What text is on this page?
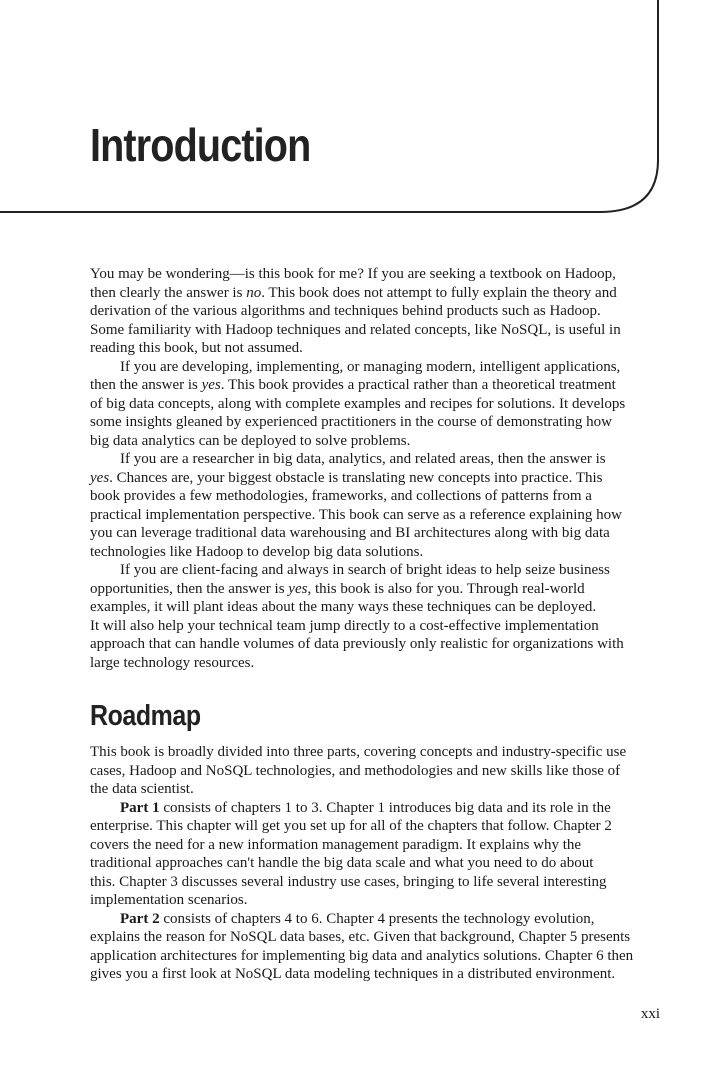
Introduction
You may be wondering—is this book for me? If you are seeking a textbook on Hadoop,
then clearly the answer is no. This book does not attempt to fully explain the theory and
derivation of the various algorithms and techniques behind products such as Hadoop.
Some familiarity with Hadoop techniques and related concepts, like NoSQL, is useful in
reading this book, but not assumed.
If you are developing, implementing, or managing modern, intelligent applications,
then the answer is yes. This book provides a practical rather than a theoretical treatment
of big data concepts, along with complete examples and recipes for solutions. It develops
some insights gleaned by experienced practitioners in the course of demonstrating how
big data analytics can be deployed to solve problems.
If you are a researcher in big data, analytics, and related areas, then the answer is
yes. Chances are, your biggest obstacle is translating new concepts into practice. This
book provides a few methodologies, frameworks, and collections of patterns from a
practical implementation perspective. This book can serve as a reference explaining how
you can leverage traditional data warehousing and BI architectures along with big data
technologies like Hadoop to develop big data solutions.
If you are client-facing and always in search of bright ideas to help seize business
opportunities, then the answer is yes, this book is also for you. Through real-world
examples, it will plant ideas about the many ways these techniques can be deployed.
It will also help your technical team jump directly to a cost-effective implementation
approach that can handle volumes of data previously only realistic for organizations with
large technology resources.
Roadmap
This book is broadly divided into three parts, covering concepts and industry-specific use
cases, Hadoop and NoSQL technologies, and methodologies and new skills like those of
the data scientist.
Part 1 consists of chapters 1 to 3. Chapter 1 introduces big data and its role in the
enterprise. This chapter will get you set up for all of the chapters that follow. Chapter 2
covers the need for a new information management paradigm. It explains why the
traditional approaches can't handle the big data scale and what you need to do about
this. Chapter 3 discusses several industry use cases, bringing to life several interesting
implementation scenarios.
Part 2 consists of chapters 4 to 6. Chapter 4 presents the technology evolution,
explains the reason for NoSQL data bases, etc. Given that background, Chapter 5 presents
application architectures for implementing big data and analytics solutions. Chapter 6 then
gives you a first look at NoSQL data modeling techniques in a distributed environment.
xxi
